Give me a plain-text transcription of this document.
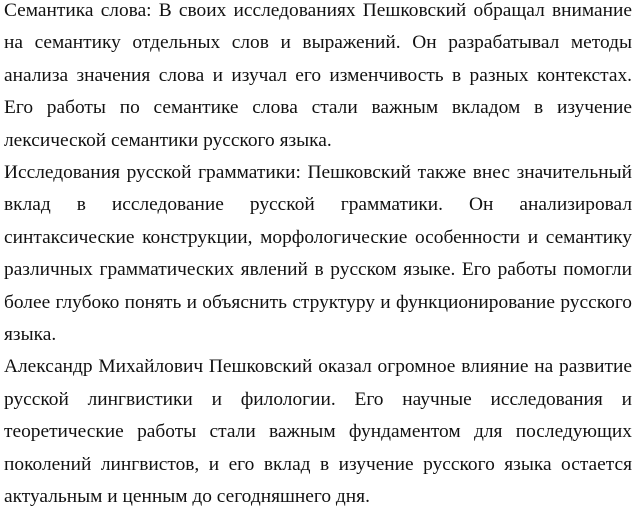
Семантика слова: В своих исследованиях Пешковский обращал внимание на семантику отдельных слов и выражений. Он разрабатывал методы анализа значения слова и изучал его изменчивость в разных контекстах. Его работы по семантике слова стали важным вкладом в изучение лексической семантики русского языка.

Исследования русской грамматики: Пешковский также внес значительный вклад в исследование русской грамматики. Он анализировал синтаксические конструкции, морфологические особенности и семантику различных грамматических явлений в русском языке. Его работы помогли более глубоко понять и объяснить структуру и функционирование русского языка.

Александр Михайлович Пешковский оказал огромное влияние на развитие русской лингвистики и филологии. Его научные исследования и теоретические работы стали важным фундаментом для последующих поколений лингвистов, и его вклад в изучение русского языка остается актуальным и ценным до сегодняшнего дня.
